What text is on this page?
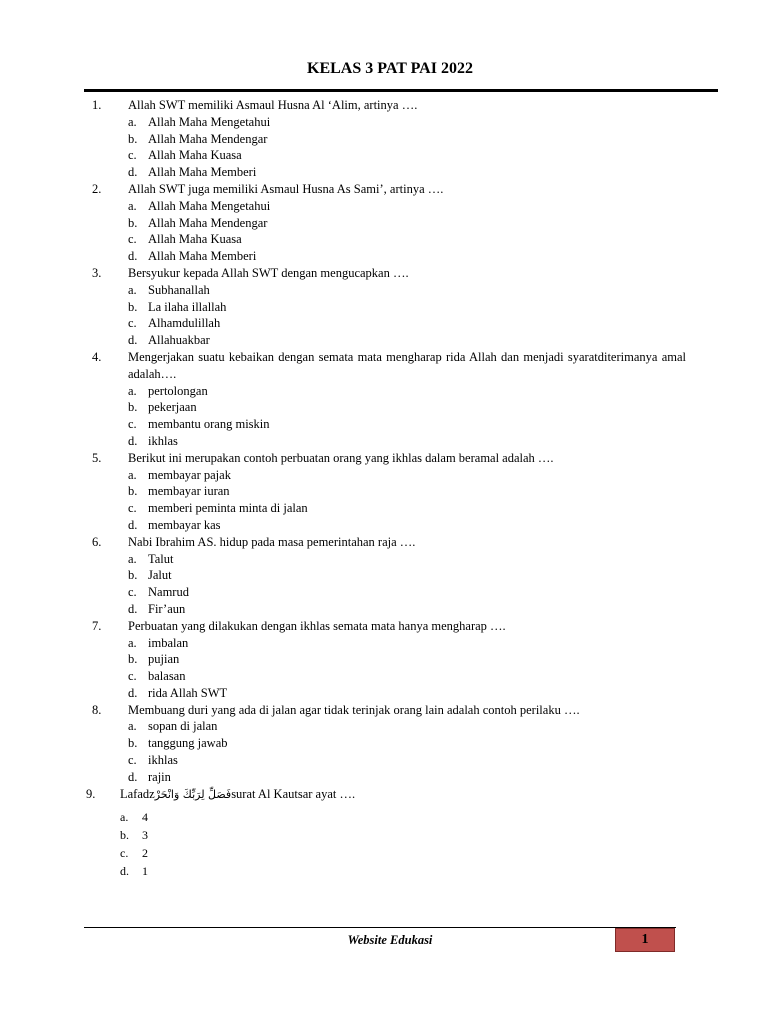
KELAS 3 PAT PAI 2022
1. Allah SWT memiliki Asmaul Husna Al ‘Alim, artinya ….
a. Allah Maha Mengetahui
b. Allah Maha Mendengar
c. Allah Maha Kuasa
d. Allah Maha Memberi
2. Allah SWT juga memiliki Asmaul Husna As Sami’, artinya ….
a. Allah Maha Mengetahui
b. Allah Maha Mendengar
c. Allah Maha Kuasa
d. Allah Maha Memberi
3. Bersyukur kepada Allah SWT dengan mengucapkan ….
a. Subhanallah
b. La ilaha illallah
c. Alhamdulillah
d. Allahuakbar
4. Mengerjakan suatu kebaikan dengan semata mata mengharap rida Allah dan menjadi syaratditerimanya amal adalah….
a. pertolongan
b. pekerjaan
c. membantu orang miskin
d. ikhlas
5. Berikut ini merupakan contoh perbuatan orang yang ikhlas dalam beramal adalah ….
a. membayar pajak
b. membayar iuran
c. memberi peminta minta di jalan
d. membayar kas
6. Nabi Ibrahim AS. hidup pada masa pemerintahan raja ….
a. Talut
b. Jalut
c. Namrud
d. Fir’aun
7. Perbuatan yang dilakukan dengan ikhlas semata mata hanya mengharap ….
a. imbalan
b. pujian
c. balasan
d. rida Allah SWT
8. Membuang duri yang ada di jalan agar tidak terinjak orang lain adalah contoh perilaku ….
a. sopan di jalan
b. tanggung jawab
c. ikhlas
d. rajin
9. Lafadzفَصَلِّ لِرَبِّكَ وَانْحَرْsurat Al Kautsar ayat ….
a. 4
b. 3
c. 2
d. 1
Website Edukasi	1
